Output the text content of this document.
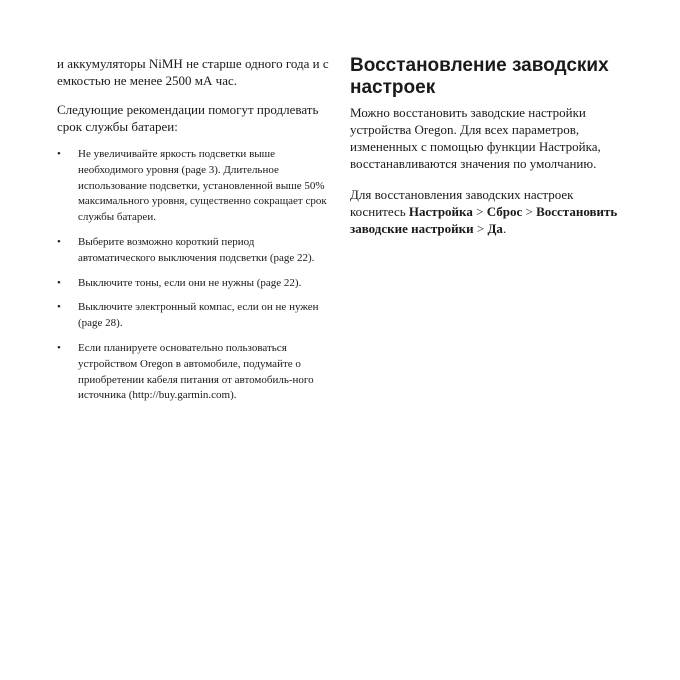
и аккумуляторы NiMH не старше одного года и с емкостью не менее 2500 мА час.

Следующие рекомендации помогут продлевать срок службы батареи:

• Не увеличивайте яркость подсветки выше необходимого уровня (page 3). Длительное использование подсветки, установленной выше 50% максимального уровня, существенно сокращает срок службы батареи.
• Выберите возможно короткий период автоматического выключения подсветки (page 22).
• Выключите тоны, если они не нужны (page 22).
• Выключите электронный компас, если он не нужен (page 28).
• Если планируете основательно пользоваться устройством Oregon в автомобиле, подумайте о приобретении кабеля питания от автомобиль-ного источника (http://buy.garmin.com).
Восстановление заводских настроек

Можно восстановить заводские настройки устройства Oregon. Для всех параметров, измененных с помощью функции Настройка, восстанавливаются значения по умолчанию.

Для восстановления заводских настроек коснитесь Настройка > Сброс > Восстановить заводские настройки > Да.
